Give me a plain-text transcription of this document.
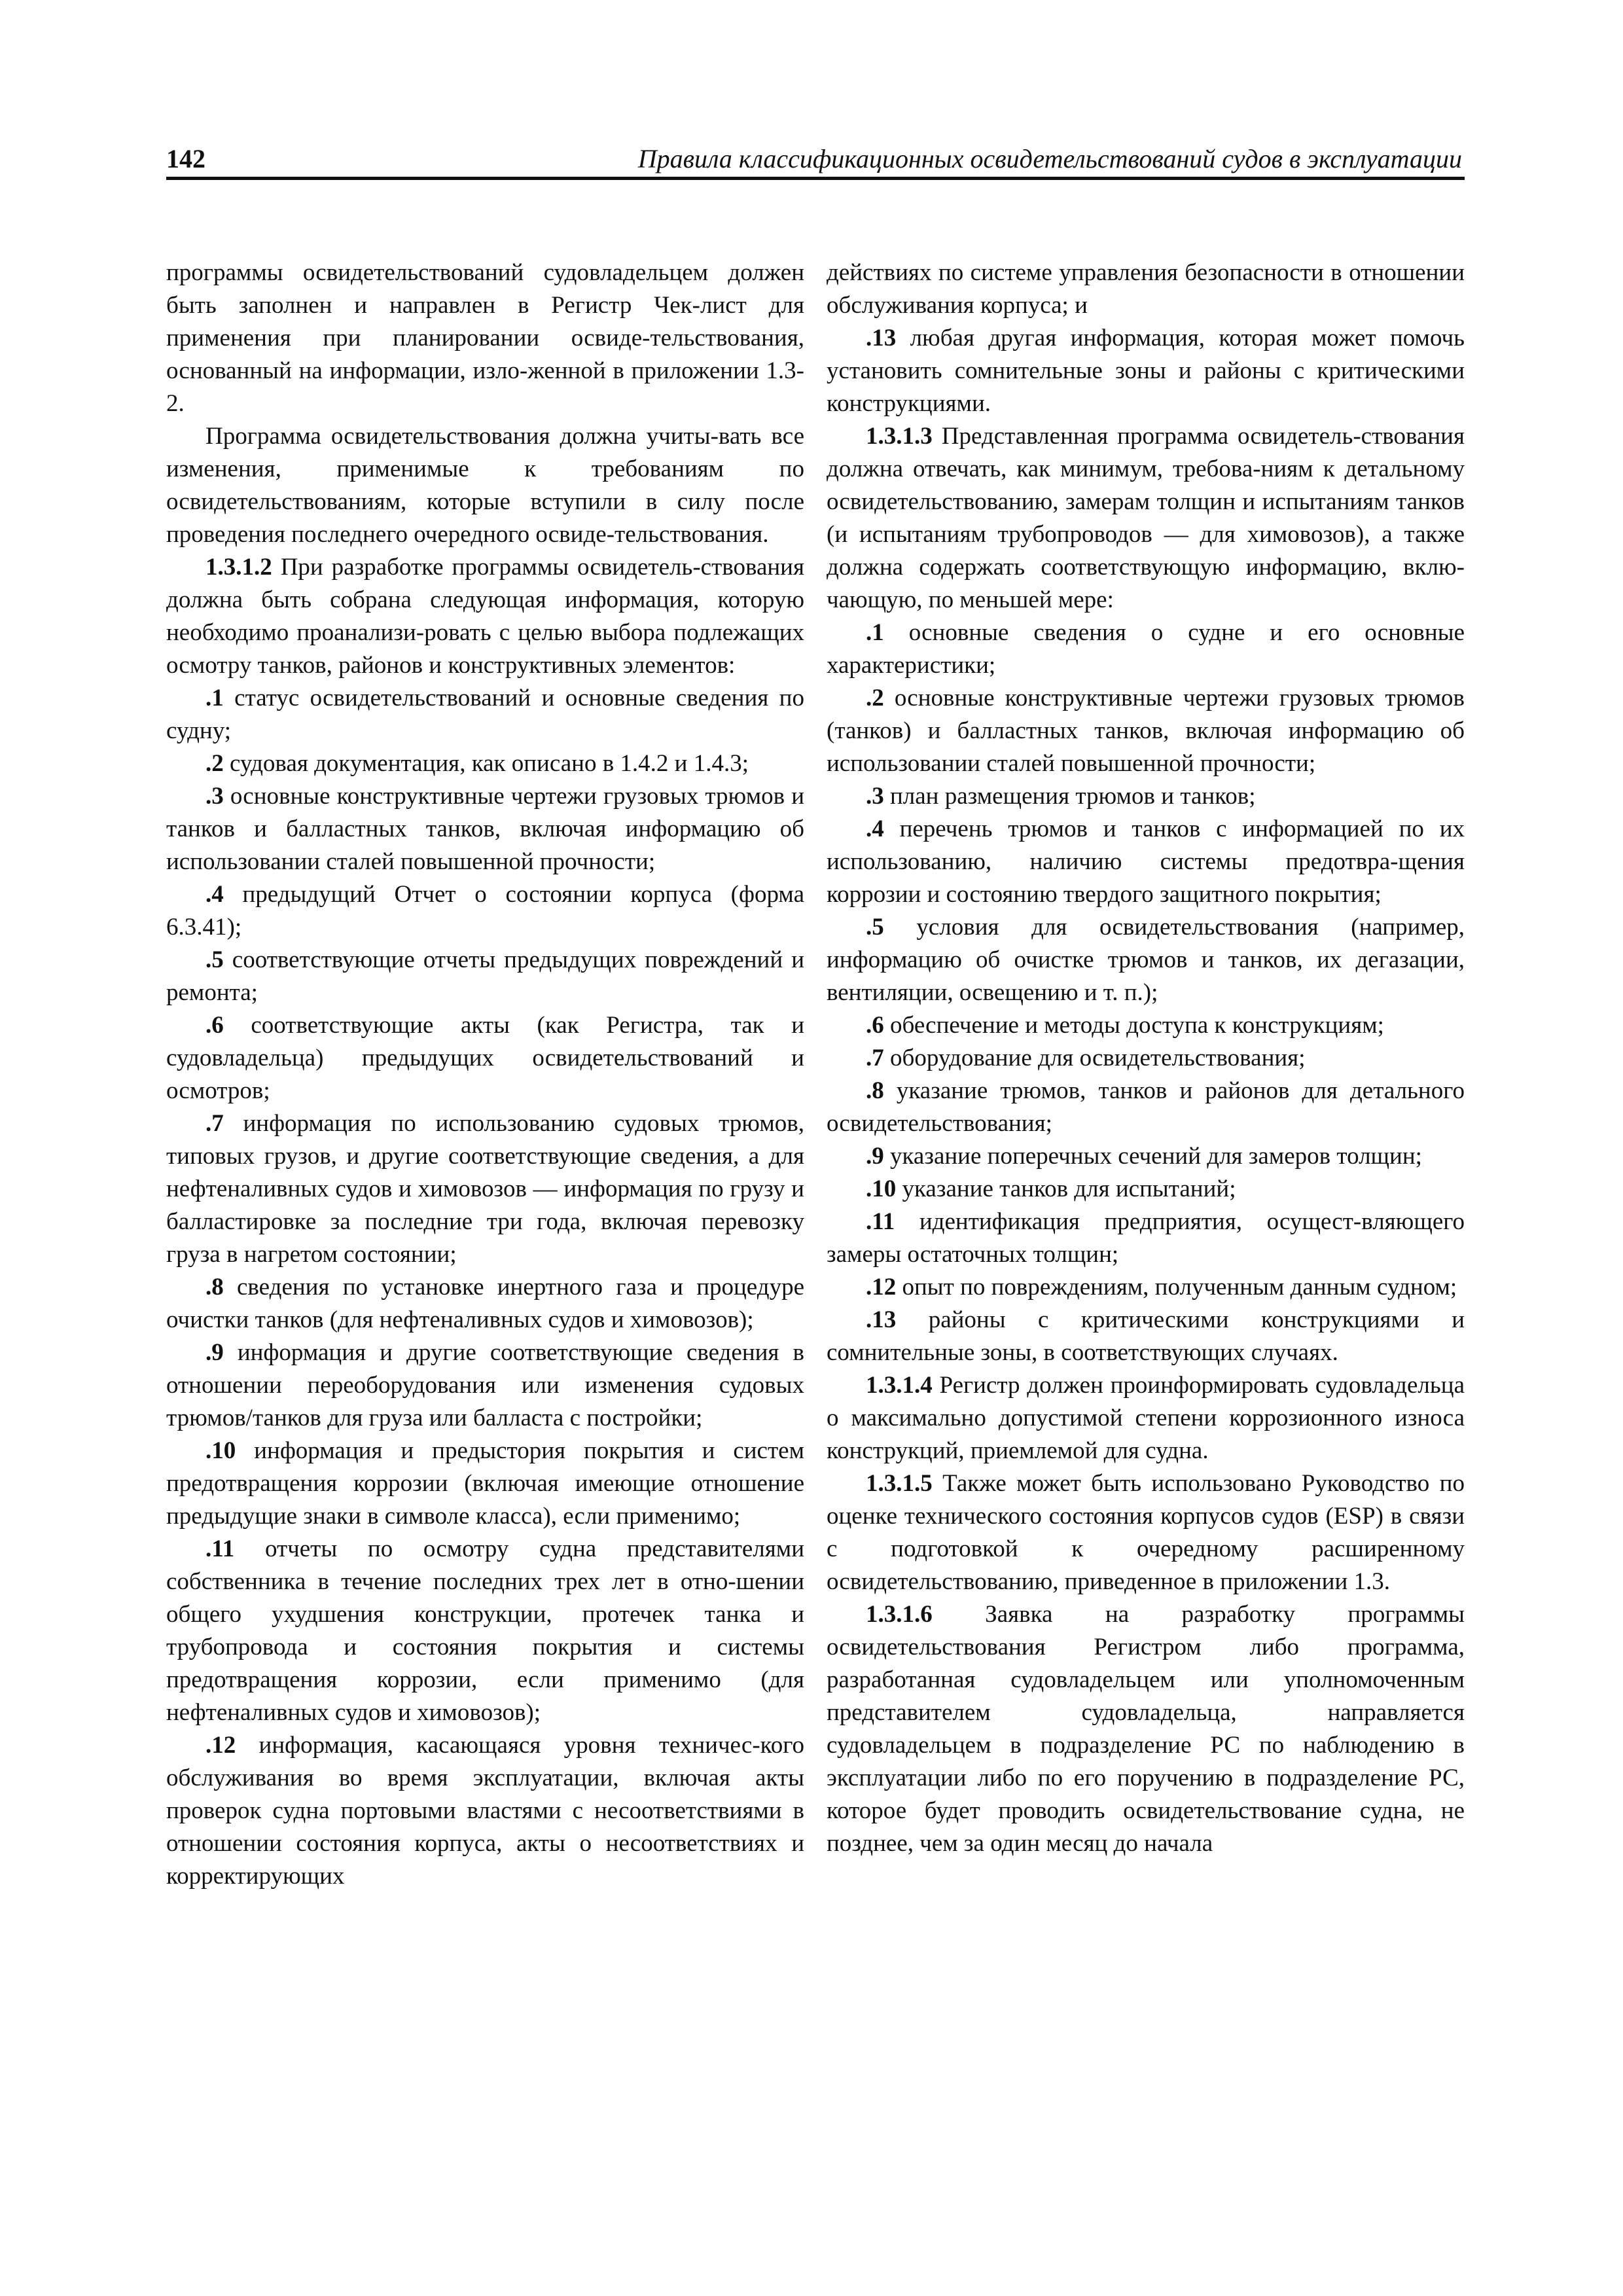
142	Правила классификационных освидетельствований судов в эксплуатации

программы освидетельствований судовладельцем должен быть заполнен и направлен в Регистр Чек-лист для применения при планировании освиде-тельствования, основанный на информации, изло-женной в приложении 1.3-2.

Программа освидетельствования должна учиты-вать все изменения, применимые к требованиям по освидетельствованиям, которые вступили в силу после проведения последнего очередного освиде-тельствования.

1.3.1.2 При разработке программы освидетель-ствования должна быть собрана следующая информация, которую необходимо проанализи-ровать с целью выбора подлежащих осмотру танков, районов и конструктивных элементов:

.1 статус освидетельствований и основные сведения по судну;

.2 судовая документация, как описано в 1.4.2 и 1.4.3;

.3 основные конструктивные чертежи грузовых трюмов и танков и балластных танков, включая информацию об использовании сталей повышенной прочности;

.4 предыдущий Отчет о состоянии корпуса (форма 6.3.41);

.5 соответствующие отчеты предыдущих повреждений и ремонта;

.6 соответствующие акты (как Регистра, так и судовладельца) предыдущих освидетельствований и осмотров;

.7 информация по использованию судовых трюмов, типовых грузов, и другие соответствующие сведения, а для нефтеналивных судов и химовозов — информация по грузу и балластировке за последние три года, включая перевозку груза в нагретом состоянии;

.8 сведения по установке инертного газа и процедуре очистки танков (для нефтеналивных судов и химовозов);

.9 информация и другие соответствующие сведения в отношении переоборудования или изменения судовых трюмов/танков для груза или балласта с постройки;

.10 информация и предыстория покрытия и систем предотвращения коррозии (включая имеющие отношение предыдущие знаки в символе класса), если применимо;

.11 отчеты по осмотру судна представителями собственника в течение последних трех лет в отно-шении общего ухудшения конструкции, протечек танка и трубопровода и состояния покрытия и системы предотвращения коррозии, если применимо (для нефтеналивных судов и химовозов);

.12 информация, касающаяся уровня техничес-кого обслуживания во время эксплуатации, включая акты проверок судна портовыми властями с несоответствиями в отношении состояния корпуса, акты о несоответствиях и корректирующих

действиях по системе управления безопасности в отношении обслуживания корпуса; и

.13 любая другая информация, которая может помочь установить сомнительные зоны и районы с критическими конструкциями.

1.3.1.3 Представленная программа освидетель-ствования должна отвечать, как минимум, требова-ниям к детальному освидетельствованию, замерам толщин и испытаниям танков (и испытаниям трубопроводов — для химовозов), а также должна содержать соответствующую информацию, вклю-чающую, по меньшей мере:

.1 основные сведения о судне и его основные характеристики;

.2 основные конструктивные чертежи грузовых трюмов (танков) и балластных танков, включая информацию об использовании сталей повышенной прочности;

.3 план размещения трюмов и танков;

.4 перечень трюмов и танков с информацией по их использованию, наличию системы предотвра-щения коррозии и состоянию твердого защитного покрытия;

.5 условия для освидетельствования (например, информацию об очистке трюмов и танков, их дегазации, вентиляции, освещению и т. п.);

.6 обеспечение и методы доступа к конструкциям;

.7 оборудование для освидетельствования;

.8 указание трюмов, танков и районов для детального освидетельствования;

.9 указание поперечных сечений для замеров толщин;

.10 указание танков для испытаний;

.11 идентификация предприятия, осущест-вляющего замеры остаточных толщин;

.12 опыт по повреждениям, полученным данным судном;

.13 районы с критическими конструкциями и сомнительные зоны, в соответствующих случаях.

1.3.1.4 Регистр должен проинформировать судовладельца о максимально допустимой степени коррозионного износа конструкций, приемлемой для судна.

1.3.1.5 Также может быть использовано Руководство по оценке технического состояния корпусов судов (ESP) в связи с подготовкой к очередному расширенному освидетельствованию, приведенное в приложении 1.3.

1.3.1.6 Заявка на разработку программы освидетельствования Регистром либо программа, разработанная судовладельцем или уполномоченным представителем судовладельца, направляется судовладельцем в подразделение РС по наблюдению в эксплуатации либо по его поручению в подразделение РС, которое будет проводить освидетельствование судна, не позднее, чем за один месяц до начала
